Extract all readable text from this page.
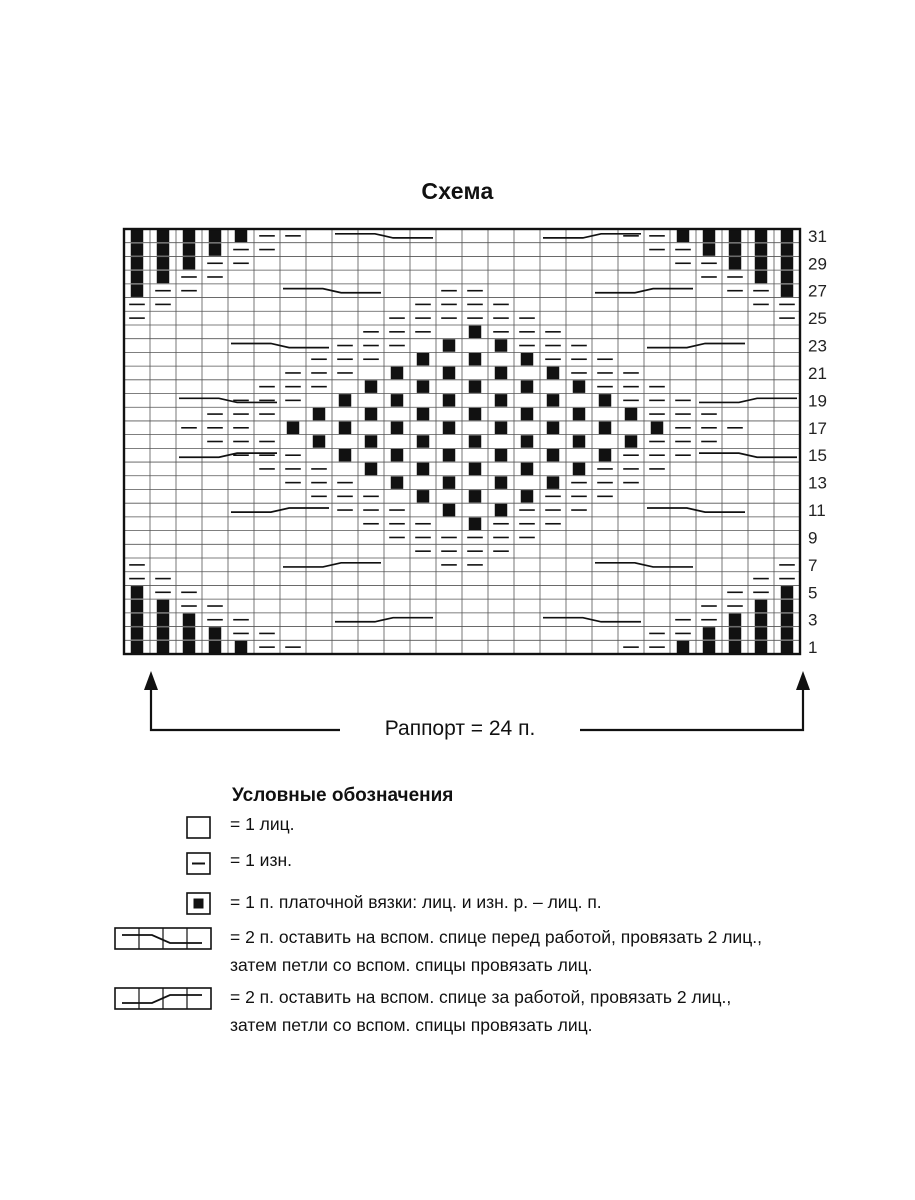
Схема
1
3
5
7
9
11
13
15
17
19
21
23
25
27
29
31
Раппорт = 24 п.
Условные обозначения
= 1 лиц.
= 1 изн.
= 1 п. платочной вязки: лиц. и изн. р. – лиц. п.
= 2 п. оставить на вспом. спице перед работой, провязать 2 лиц.,
затем петли со вспом. спицы провязать лиц.
= 2 п. оставить на вспом. спице за работой, провязать 2 лиц.,
затем петли со вспом. спицы провязать лиц.
